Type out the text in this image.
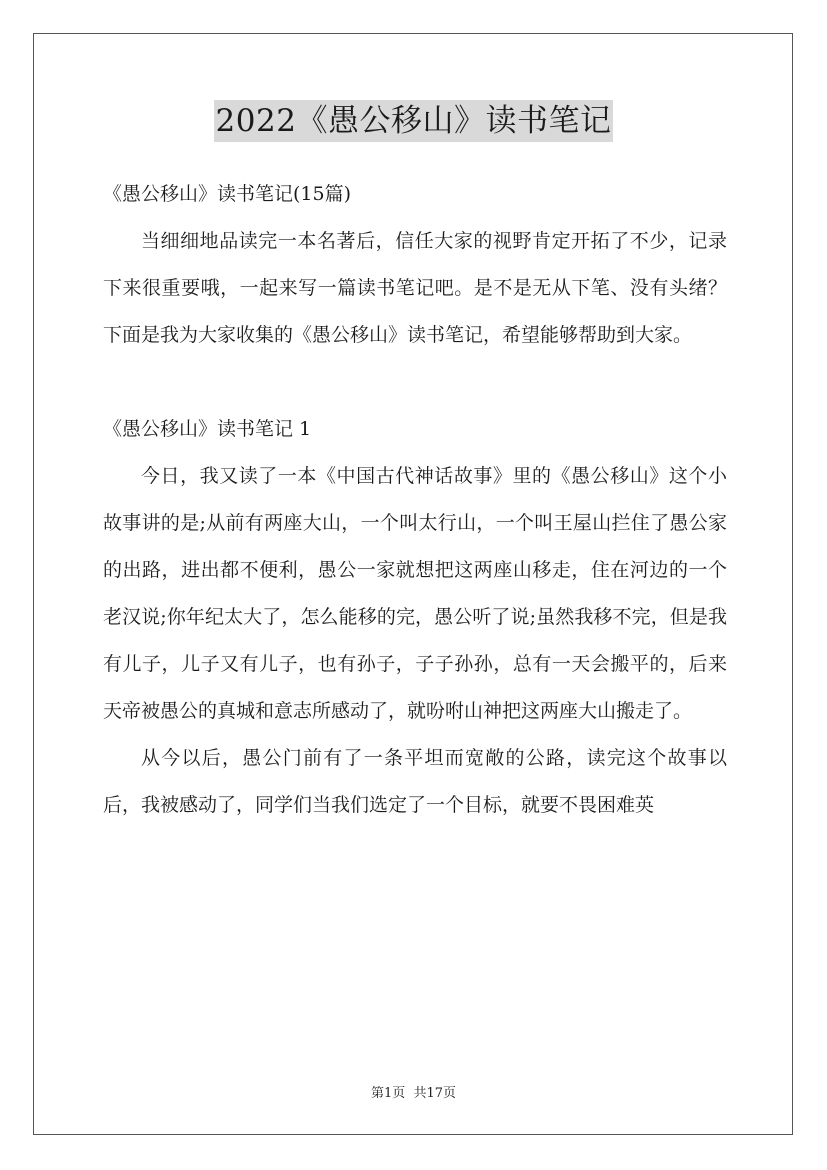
2022《愚公移山》读书笔记

《愚公移山》读书笔记(15篇)

当细细地品读完一本名著后，信任大家的视野肯定开拓了不少，记录下来很重要哦，一起来写一篇读书笔记吧。是不是无从下笔、没有头绪？下面是我为大家收集的《愚公移山》读书笔记，希望能够帮助到大家。

《愚公移山》读书笔记 1

今日，我又读了一本《中国古代神话故事》里的《愚公移山》这个小故事讲的是;从前有两座大山，一个叫太行山，一个叫王屋山拦住了愚公家的出路，进出都不便利，愚公一家就想把这两座山移走，住在河边的一个老汉说;你年纪太大了，怎么能移的完，愚公听了说;虽然我移不完，但是我有儿子，儿子又有儿子，也有孙子，子子孙孙，总有一天会搬平的，后来天帝被愚公的真城和意志所感动了，就吩咐山神把这两座大山搬走了。

从今以后，愚公门前有了一条平坦而宽敞的公路，读完这个故事以后，我被感动了，同学们当我们选定了一个目标，就要不畏困难英

第1页 共17页
